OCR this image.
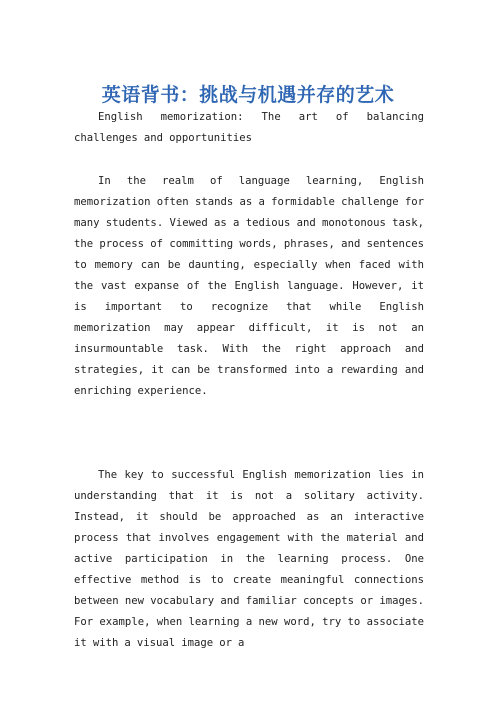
英语背书：挑战与机遇并存的艺术

English memorization: The art of balancing challenges and opportunities

In the realm of language learning, English memorization often stands as a formidable challenge for many students. Viewed as a tedious and monotonous task, the process of committing words, phrases, and sentences to memory can be daunting, especially when faced with the vast expanse of the English language. However, it is important to recognize that while English memorization may appear difficult, it is not an insurmountable task. With the right approach and strategies, it can be transformed into a rewarding and enriching experience.

The key to successful English memorization lies in understanding that it is not a solitary activity. Instead, it should be approached as an interactive process that involves engagement with the material and active participation in the learning process. One effective method is to create meaningful connections between new vocabulary and familiar concepts or images. For example, when learning a new word, try to associate it with a visual image or a
